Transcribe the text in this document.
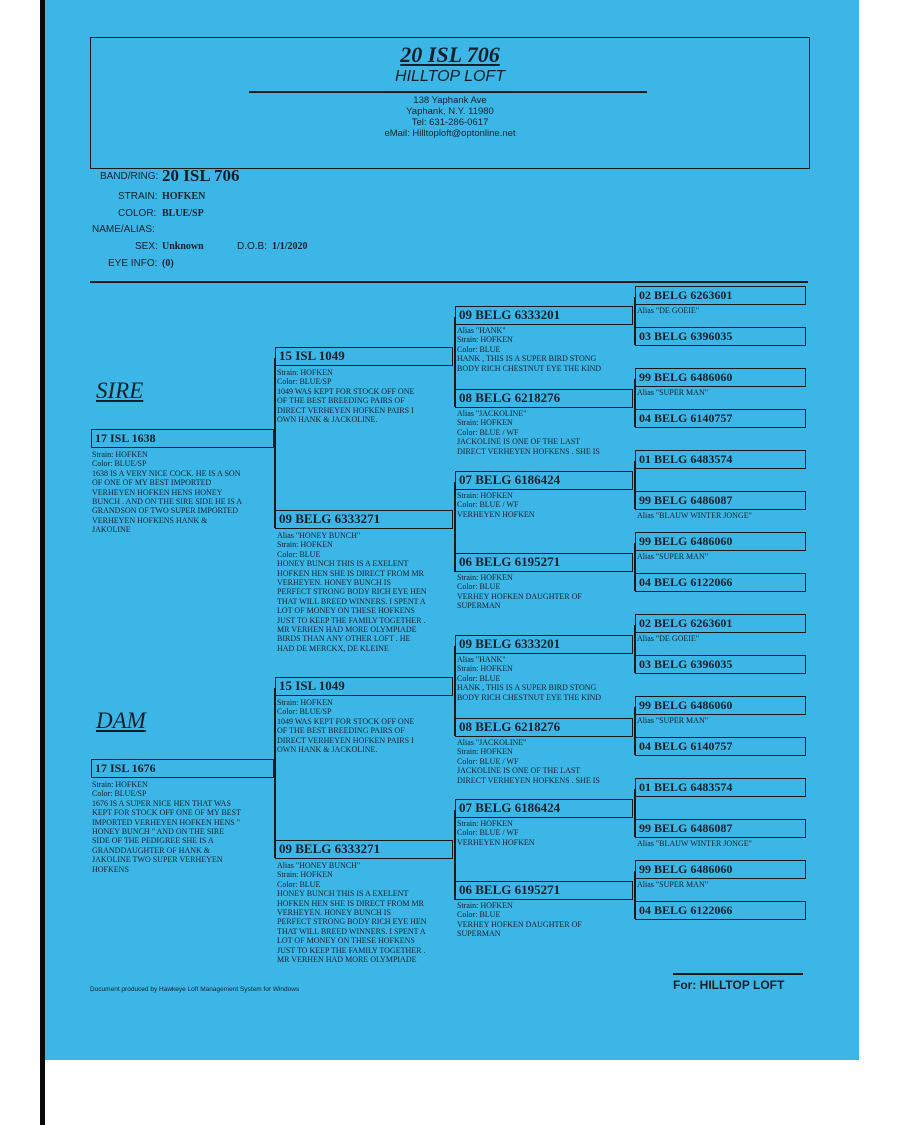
20 ISL 706
HILLTOP LOFT
138 Yaphank Ave
Yaphank, N.Y. 11980
Tel: 631-286-0617
eMail: Hilltoploft@optonline.net
BAND/RING: 20 ISL 706
STRAIN: HOFKEN
COLOR: BLUE/SP
NAME/ALIAS:
SEX: Unknown	D.O.B: 1/1/2020
EYE INFO: (0)
SIRE
DAM
17 ISL 1638
Strain: HOFKEN
Color: BLUE/SP
1638 IS A VERY NICE COCK. HE IS A SON
OF ONE OF MY BEST IMPORTED
VERHEYEN HOFKEN HENS HONEY
BUNCH . AND ON THE SIRE SIDE HE IS A
GRANDSON OF TWO SUPER IMPORTED
VERHEYEN HOFKENS HANK &
JAKOLINE
17 ISL 1676
Strain: HOFKEN
Color: BLUE/SP
1676 IS A SUPER NICE HEN THAT WAS
KEPT FOR STOCK OFF ONE OF MY BEST
IMPORTED VERHEYEN HOFKEN HENS "
HONEY BUNCH " AND ON THE SIRE
SIDE OF THE PEDIGREE SHE IS A
GRANDDAUGHTER OF HANK &
JAKOLINE TWO SUPER VERHEYEN
HOFKENS
15 ISL 1049
Strain: HOFKEN
Color: BLUE/SP
1049 WAS KEPT FOR STOCK OFF ONE
OF THE BEST BREEDING PAIRS OF
DIRECT VERHEYEN HOFKEN PAIRS I
OWN HANK & JACKOLINE.
09 BELG 6333271
Alias "HONEY BUNCH"
Strain: HOFKEN
Color: BLUE
HONEY BUNCH THIS IS A EXELENT
HOFKEN HEN SHE IS DIRECT FROM MR
VERHEYEN. HONEY BUNCH IS
PERFECT STRONG BODY RICH EYE HEN
THAT WILL BREED WINNERS. I SPENT A
LOT OF MONEY ON THESE HOFKENS
JUST TO KEEP THE FAMILY TOGETHER .
MR VERHEN HAD MORE OLYMPIADE
BIRDS THAN ANY OTHER LOFT . HE
HAD DE MERCKX, DE KLEINE
15 ISL 1049
Strain: HOFKEN
Color: BLUE/SP
1049 WAS KEPT FOR STOCK OFF ONE
OF THE BEST BREEDING PAIRS OF
DIRECT VERHEYEN HOFKEN PAIRS I
OWN HANK & JACKOLINE.
09 BELG 6333271
Alias "HONEY BUNCH"
Strain: HOFKEN
Color: BLUE
HONEY BUNCH THIS IS A EXELENT
HOFKEN HEN SHE IS DIRECT FROM MR
VERHEYEN. HONEY BUNCH IS
PERFECT STRONG BODY RICH EYE HEN
THAT WILL BREED WINNERS. I SPENT A
LOT OF MONEY ON THESE HOFKENS
JUST TO KEEP THE FAMILY TOGETHER .
MR VERHEN HAD MORE OLYMPIADE
09 BELG 6333201
Alias "HANK"
Strain: HOFKEN
Color: BLUE
HANK , THIS IS A SUPER BIRD STONG
BODY RICH CHESTNUT EYE THE KIND
08 BELG 6218276
Alias "JACKOLINE"
Strain: HOFKEN
Color: BLUE / WF
JACKOLINE IS ONE OF THE LAST
DIRECT VERHEYEN HOFKENS . SHE IS
07 BELG 6186424
Strain: HOFKEN
Color: BLUE / WF
VERHEYEN HOFKEN
06 BELG 6195271
Strain: HOFKEN
Color: BLUE
VERHEY HOFKEN DAUGHTER OF
SUPERMAN
09 BELG 6333201
Alias "HANK"
Strain: HOFKEN
Color: BLUE
HANK , THIS IS A SUPER BIRD STONG
BODY RICH CHESTNUT EYE THE KIND
08 BELG 6218276
Alias "JACKOLINE"
Strain: HOFKEN
Color: BLUE / WF
JACKOLINE IS ONE OF THE LAST
DIRECT VERHEYEN HOFKENS . SHE IS
07 BELG 6186424
Strain: HOFKEN
Color: BLUE / WF
VERHEYEN HOFKEN
06 BELG 6195271
Strain: HOFKEN
Color: BLUE
VERHEY HOFKEN DAUGHTER OF
SUPERMAN
02 BELG 6263601
Alias "DE GOEIE"
03 BELG 6396035
99 BELG 6486060
Alias "SUPER MAN"
04 BELG 6140757
01 BELG 6483574
99 BELG 6486087
Alias "BLAUW WINTER JONGE"
99 BELG 6486060
Alias "SUPER MAN"
04 BELG 6122066
02 BELG 6263601
Alias "DE GOEIE"
03 BELG 6396035
99 BELG 6486060
Alias "SUPER MAN"
04 BELG 6140757
01 BELG 6483574
99 BELG 6486087
Alias "BLAUW WINTER JONGE"
99 BELG 6486060
Alias "SUPER MAN"
04 BELG 6122066
Document produced by Hawkeye Loft Management System for Windows	For: HILLTOP LOFT
